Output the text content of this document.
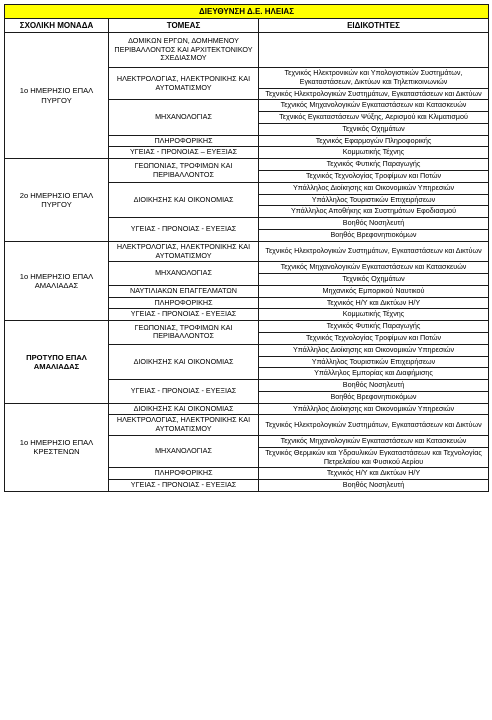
ΔΙΕΥΘΥΝΣΗ Δ.Ε. ΗΛΕΙΑΣ		
ΣΧΟΛΙΚΗ ΜΟΝΑΔΑ	ΤΟΜΕΑΣ	ΕΙΔΙΚΟΤΗΤΕΣ
1ο ΗΜΕΡΗΣΙΟ ΕΠΑΛ ΠΥΡΓΟΥ	ΔΟΜΙΚΩΝ ΕΡΓΩΝ, ΔΟΜΗΜΕΝΟΥ ΠΕΡΙΒΑΛΛΟΝΤΟΣ ΚΑΙ ΑΡΧΙΤΕΚΤΟΝΙΚΟΥ ΣΧΕΔΙΑΣΜΟΥ	
	ΗΛΕΚΤΡΟΛΟΓΙΑΣ, ΗΛΕΚΤΡΟΝΙΚΗΣ ΚΑΙ ΑΥΤΟΜΑΤΙΣΜΟΥ	Τεχνικός Ηλεκτρονικών και Υπολογιστικών Συστημάτων, Εγκαταστάσεων, Δικτύων και Τηλεπικοινωνιών
		Τεχνικός Ηλεκτρολογικών Συστημάτων, Εγκαταστάσεων και Δικτύων
	ΜΗΧΑΝΟΛΟΓΙΑΣ	Τεχνικός Μηχανολογικών Εγκαταστάσεων και Κατασκευών
		Τεχνικός Εγκαταστάσεων Ψύξης, Αερισμού και Κλιματισμού
		Τεχνικός Οχημάτων
	ΠΛΗΡΟΦΟΡΙΚΗΣ	Τεχνικός Εφαρμογών Πληροφορικής
	ΥΓΕΙΑΣ - ΠΡΟΝΟΙΑΣ – ΕΥΕΞΙΑΣ	Κομμωτικής Τέχνης
2ο ΗΜΕΡΗΣΙΟ ΕΠΑΛ ΠΥΡΓΟΥ	ΓΕΩΠΟΝΙΑΣ, ΤΡΟΦΙΜΩΝ ΚΑΙ ΠΕΡΙΒΑΛΛΟΝΤΟΣ	Τεχνικός Φυτικής Παραγωγής
		Τεχνικός Τεχνολογίας Τροφίμων και Ποτών
	ΔΙΟΙΚΗΣΗΣ ΚΑΙ ΟΙΚΟΝΟΜΙΑΣ	Υπάλληλος Διοίκησης και Οικονομικών Υπηρεσιών
		Υπάλληλος Τουριστικών Επιχειρήσεων
		Υπάλληλος Αποθήκης και Συστημάτων Εφοδιασμού
	ΥΓΕΙΑΣ - ΠΡΟΝΟΙΑΣ - ΕΥΕΞΙΑΣ	Βοηθός Νοσηλευτή
		Βοηθός Βρεφονηπιοκόμων
1ο ΗΜΕΡΗΣΙΟ ΕΠΑΛ ΑΜΑΛΙΑΔΑΣ	ΗΛΕΚΤΡΟΛΟΓΙΑΣ, ΗΛΕΚΤΡΟΝΙΚΗΣ ΚΑΙ ΑΥΤΟΜΑΤΙΣΜΟΥ	Τεχνικός Ηλεκτρολογικών Συστημάτων, Εγκαταστάσεων και Δικτύων
	ΜΗΧΑΝΟΛΟΓΙΑΣ	Τεχνικός Μηχανολογικών Εγκαταστάσεων και Κατασκευών
		Τεχνικός Οχημάτων
	ΝΑΥΤΙΛΙΑΚΩΝ ΕΠΑΓΓΕΛΜΑΤΩΝ	Μηχανικός Εμπορικού Ναυτικού
	ΠΛΗΡΟΦΟΡΙΚΗΣ	Τεχνικός Η/Υ και Δικτύων Η/Υ
	ΥΓΕΙΑΣ - ΠΡΟΝΟΙΑΣ - ΕΥΕΞΙΑΣ	Κομμωτικής Τέχνης
ΠΡΟΤΥΠΟ ΕΠΑΛ ΑΜΑΛΙΑΔΑΣ	ΓΕΩΠΟΝΙΑΣ, ΤΡΟΦΙΜΩΝ ΚΑΙ ΠΕΡΙΒΑΛΛΟΝΤΟΣ	Τεχνικός Φυτικής Παραγωγής
		Τεχνικός Τεχνολογίας Τροφίμων και Ποτών
	ΔΙΟΙΚΗΣΗΣ ΚΑΙ ΟΙΚΟΝΟΜΙΑΣ	Υπάλληλος Διοίκησης και Οικονομικών Υπηρεσιών
		Υπάλληλος Τουριστικών Επιχειρήσεων
		Υπάλληλος Εμπορίας και Διαφήμισης
	ΥΓΕΙΑΣ - ΠΡΟΝΟΙΑΣ - ΕΥΕΞΙΑΣ	Βοηθός Νοσηλευτή
		Βοηθός Βρεφονηπιοκόμων
1ο ΗΜΕΡΗΣΙΟ ΕΠΑΛ ΚΡΕΣΤΕΝΩΝ	ΔΙΟΙΚΗΣΗΣ ΚΑΙ ΟΙΚΟΝΟΜΙΑΣ	Υπάλληλος Διοίκησης και Οικονομικών Υπηρεσιών
	ΗΛΕΚΤΡΟΛΟΓΙΑΣ, ΗΛΕΚΤΡΟΝΙΚΗΣ ΚΑΙ ΑΥΤΟΜΑΤΙΣΜΟΥ	Τεχνικός Ηλεκτρολογικών Συστημάτων, Εγκαταστάσεων και Δικτύων
	ΜΗΧΑΝΟΛΟΓΙΑΣ	Τεχνικός Μηχανολογικών Εγκαταστάσεων και Κατασκευών
		Τεχνικός Θερμικών και Υδραυλικών Εγκαταστάσεων και Τεχνολογίας Πετρελαίου και Φυσικού Αερίου
	ΠΛΗΡΟΦΟΡΙΚΗΣ	Τεχνικός Η/Υ και Δικτύων Η/Υ
	ΥΓΕΙΑΣ - ΠΡΟΝΟΙΑΣ - ΕΥΕΞΙΑΣ	Βοηθός Νοσηλευτή
